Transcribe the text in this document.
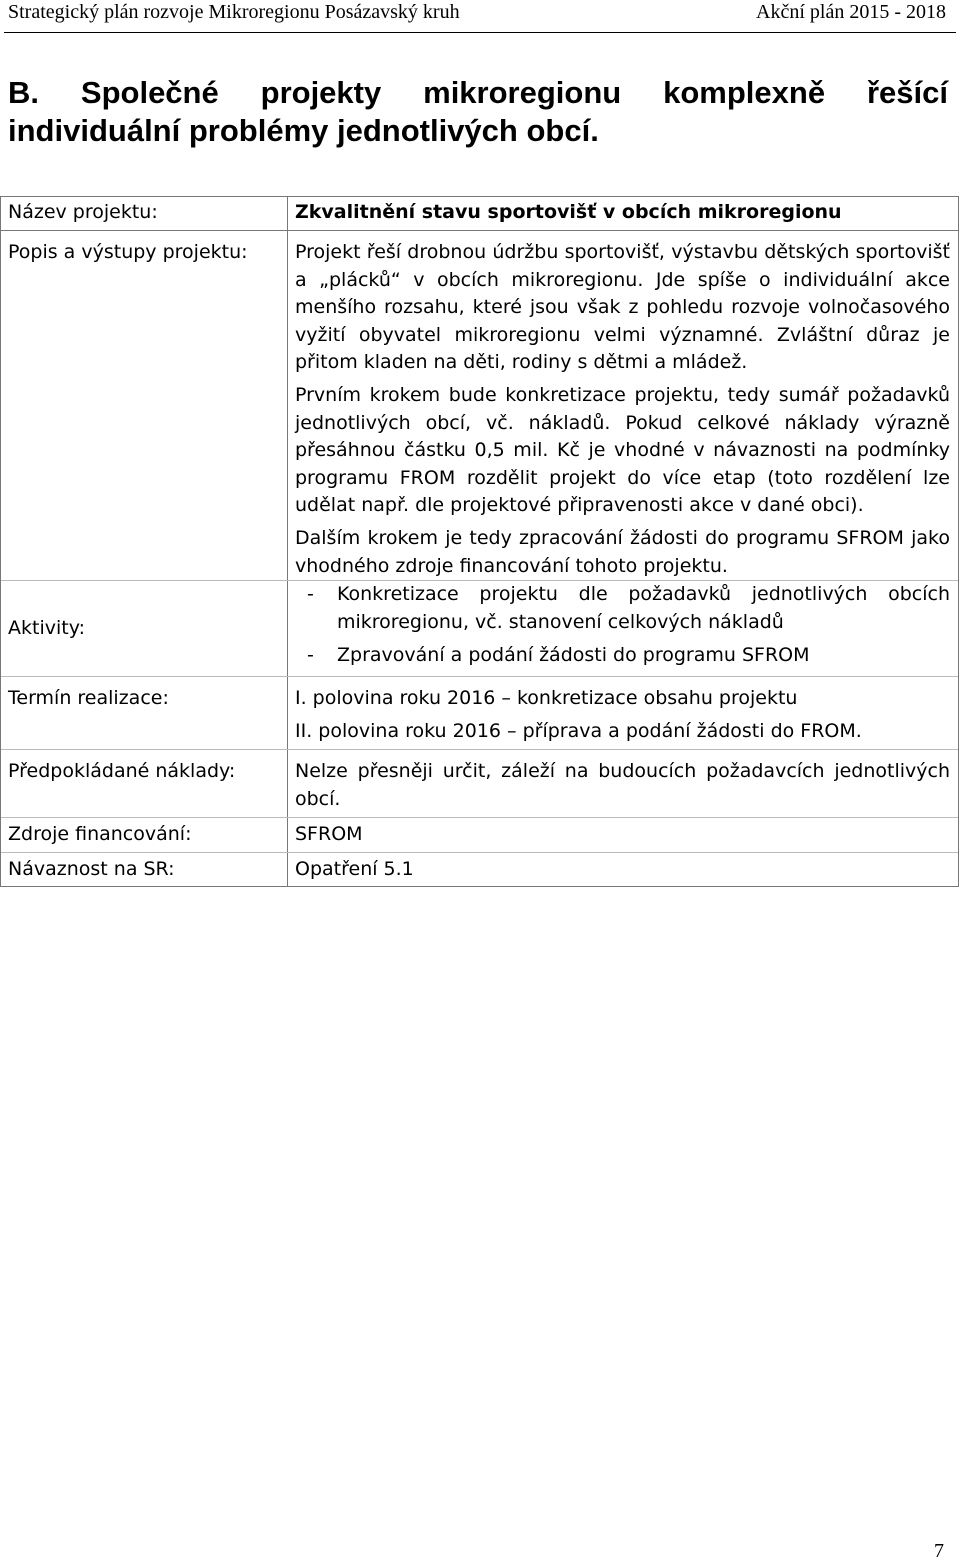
Strategický plán rozvoje Mikroregionu Posázavský kruh	Akční plán 2015 - 2018
B. Společné projekty mikroregionu komplexně řešící individuální problémy jednotlivých obcí.
Název projektu:	Zkvalitnění stavu sportovišť v obcích mikroregionu
Popis a výstupy projektu:	Projekt řeší drobnou údržbu sportovišť, výstavbu dětských sportovišť a „plácků“ v obcích mikroregionu. Jde spíše o individuální akce menšího rozsahu, které jsou však z pohledu rozvoje volnočasového vyžití obyvatel mikroregionu velmi významné. Zvláštní důraz je přitom kladen na děti, rodiny s dětmi a mládež.

Prvním krokem bude konkretizace projektu, tedy sumář požadavků jednotlivých obcí, vč. nákladů. Pokud celkové náklady výrazně přesáhnou částku 0,5 mil. Kč je vhodné v návaznosti na podmínky programu FROM rozdělit projekt do více etap (toto rozdělení lze udělat např. dle projektové připravenosti akce v dané obci).

Dalším krokem je tedy zpracování žádosti do programu SFROM jako vhodného zdroje financování tohoto projektu.

Aktivity:
-	Konkretizace projektu dle požadavků jednotlivých obcích mikroregionu, vč. stanovení celkových nákladů
-	Zpravování a podání žádosti do programu SFROM
Termín realizace:	I. polovina roku 2016 – konkretizace obsahu projektu
II. polovina roku 2016 – příprava a podání žádosti do FROM.
Předpokládané náklady:	Nelze přesněji určit, záleží na budoucích požadavcích jednotlivých obcí.
Zdroje financování:	SFROM
Návaznost na SR:	Opatření 5.1
7
